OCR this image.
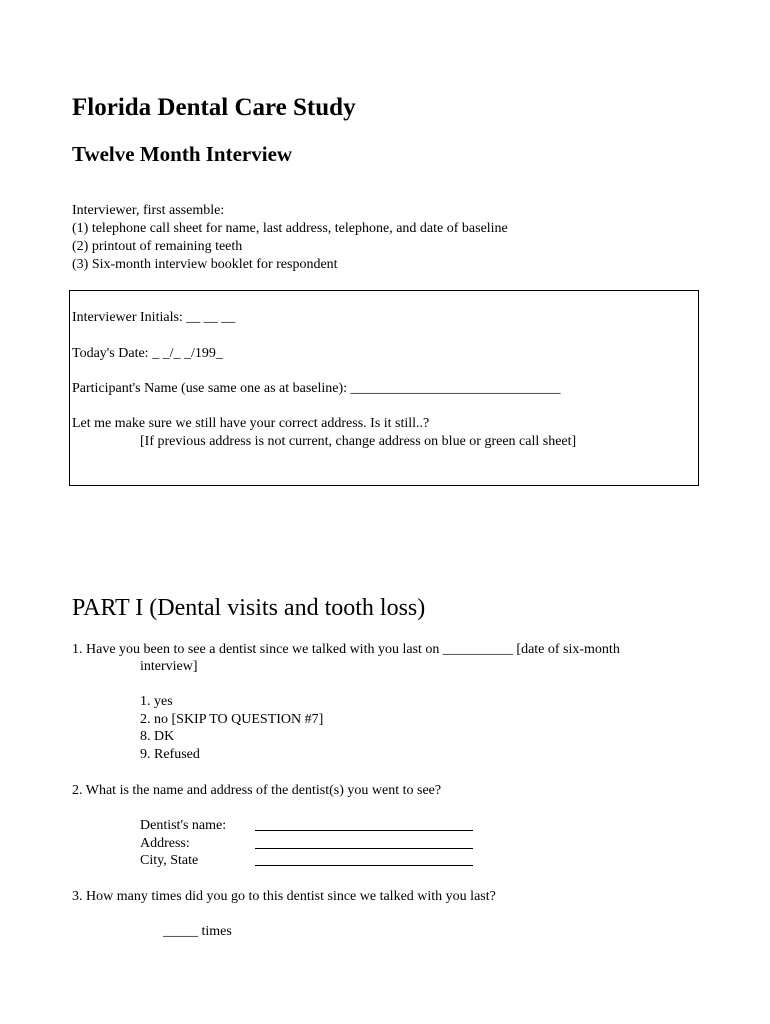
Florida Dental Care Study
Twelve Month Interview
Interviewer, first assemble:
(1) telephone call sheet for name, last address, telephone, and date of baseline
(2) printout of remaining teeth
(3) Six-month interview booklet for respondent
Interviewer Initials: __ __ __
Today's Date: _ _/_ _/199_
Participant's Name (use same one as at baseline): ______________________________
Let me make sure we still have your correct address. Is it still..?
[If previous address is not current, change address on blue or green call sheet]
PART I (Dental visits and tooth loss)
1. Have you been to see a dentist since we talked with you last on __________ [date of six-month
interview]
1. yes
2. no [SKIP TO QUESTION #7]
8. DK
9. Refused
2. What is the name and address of the dentist(s) you went to see?
Dentist's name:
Address:
City, State
3. How many times did you go to this dentist since we talked with you last?
_____ times
